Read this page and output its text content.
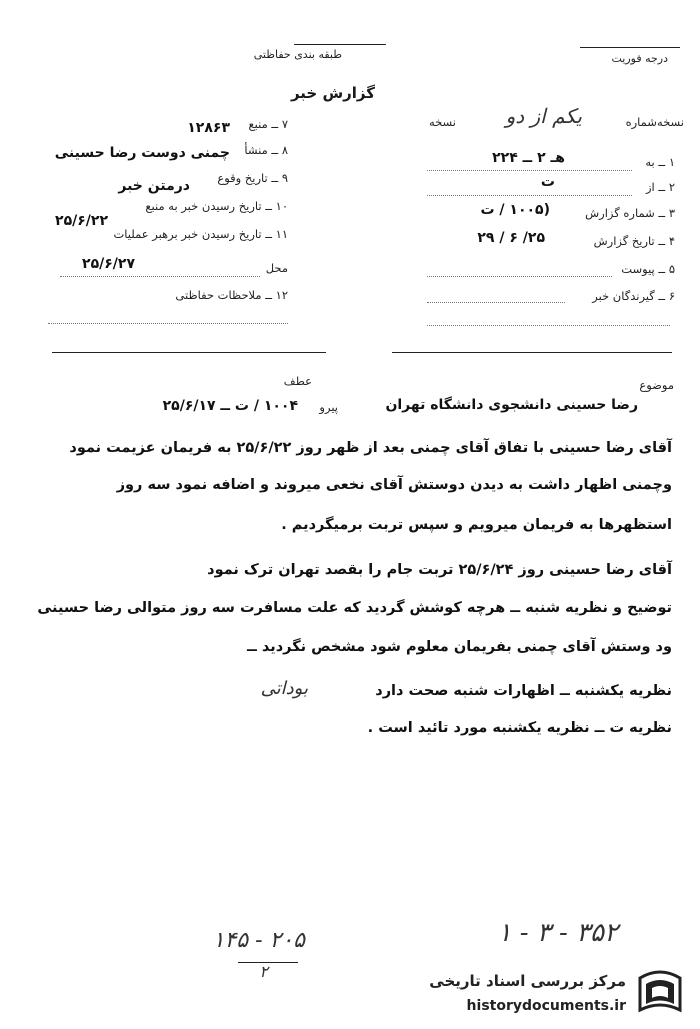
طبقه بندی حفاظتی	درجه فوریت
گزارش خبر
نسخه‌شماره
یکم از دو
نسخه
۱ ــ به
هـ ۲ ــ ۲۲۴
۲ ــ از
ت
۳ ــ شماره گزارش
(۱۰۰۵ / ت
۴ ــ تاریخ گزارش
۲۵/ ۶ / ۲۹
۵ ــ پیوست
۶ ــ گیرندگان خبر
۷ ــ منبع
۱۲۸۶۳
۸ ــ منشأ
چمنی دوست رضا حسینی
۹ ــ تاریخ وقوع
درمتن خبر
۱۰ ــ تاریخ رسیدن خبر به منبع
۲۵/۶/۲۲
۱۱ ــ تاریخ رسیدن خبر برهبر عملیات
۲۵/۶/۲۷	محل
۱۲ ــ ملاحظات حفاظتی
موضوع
عطف
رضا حسینی دانشجوی دانشگاه تهران
پیرو
۱۰۰۴ / ت ــ ۲۵/۶/۱۷
آقای رضا حسینی با تفاق آقای چمنی بعد از ظهر روز ۲۵/۶/۲۲ به فریمان عزیمت نمود
وچمنی اظهار داشت به دیدن دوستش آقای نخعی میروند و اضافه نمود سه روز
استظهرها به فریمان میرویم و سپس تربت برمیگردیم .
آقای رضا حسینی روز ۲۵/۶/۲۴ تربت جام را بقصد تهران ترک نمود
توضیح و نظریه شنبه ــ هرچه کوشش گردید که علت مسافرت سه روز متوالی رضا حسینی
ود وستش آقای چمنی بفریمان معلوم شود مشخص نگردید ــ
نظریه یکشنبه ــ اظهارات شنبه صحت دارد
بوداتی
نظریه ت ــ نظریه یکشنبه مورد تائید است .
۲۰۵ - ۱۴۵
۲
۳۵۲ - ۳ - ۱
مرکز بررسی اسناد تاریخی
historydocuments.ir
